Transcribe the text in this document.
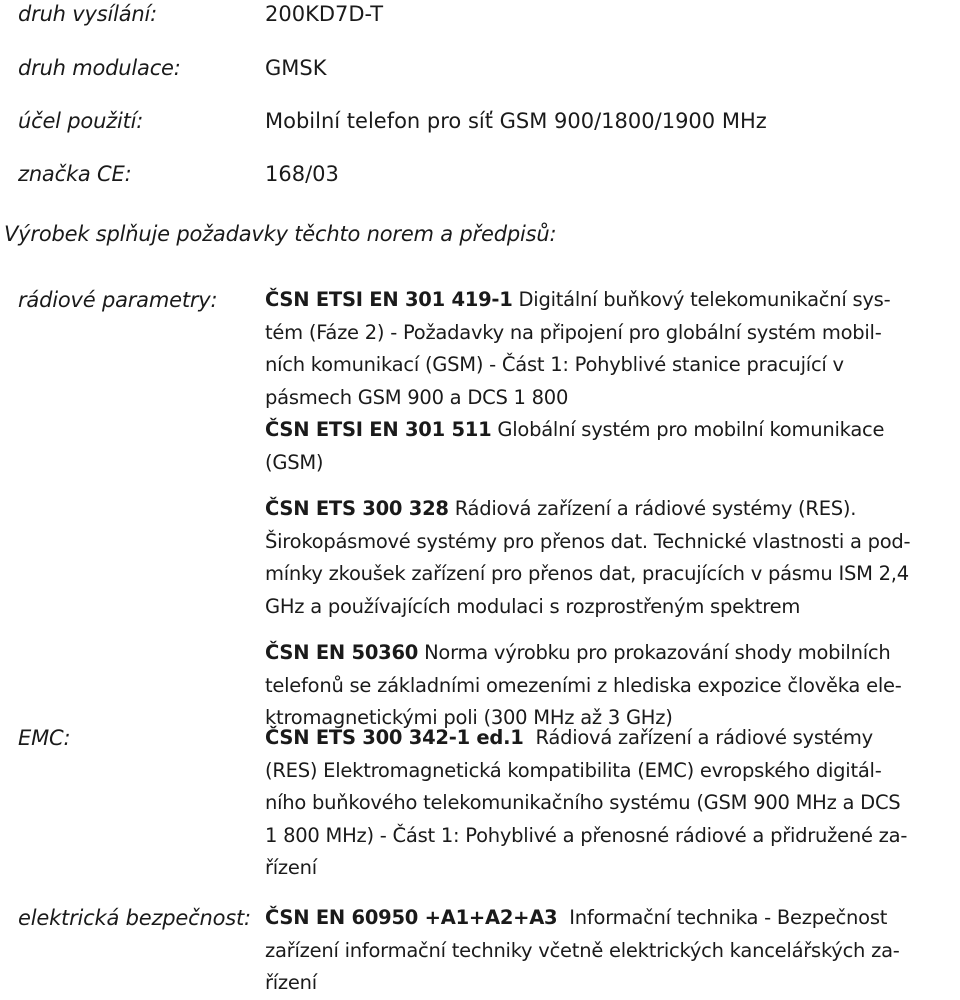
druh vysílání:	200KD7D-T
druh modulace:	GMSK
účel použití:	Mobilní telefon pro síť GSM 900/1800/1900 MHz
značka CE:	168/03
Výrobek splňuje požadavky těchto norem a předpisů:
rádiové parametry: ČSN ETSI EN 301 419-1 Digitální buňkový telekomunikační sys-
tém (Fáze 2) - Požadavky na připojení pro globální systém mobil-
ních komunikací (GSM) - Část 1: Pohyblivé stanice pracující v
pásmech GSM 900 a DCS 1 800
ČSN ETSI EN 301 511 Globální systém pro mobilní komunikace
(GSM)
ČSN ETS 300 328 Rádiová zařízení a rádiové systémy (RES).
Širokopásmové systémy pro přenos dat. Technické vlastnosti a pod-
mínky zkoušek zařízení pro přenos dat, pracujících v pásmu ISM 2,4
GHz a používajících modulaci s rozprostřeným spektrem
ČSN EN 50360 Norma výrobku pro prokazování shody mobilních
telefonů se základními omezeními z hlediska expozice člověka ele-
ktromagnetickými poli (300 MHz až 3 GHz)
EMC:	ČSN ETS 300 342-1 ed.1 Rádiová zařízení a rádiové systémy
(RES) Elektromagnetická kompatibilita (EMC) evropského digitál-
ního buňkového telekomunikačního systému (GSM 900 MHz a DCS
1 800 MHz) - Část 1: Pohyblivé a přenosné rádiové a přidružené za-
řízení
elektrická bezpečnost: ČSN EN 60950 +A1+A2+A3 Informační technika - Bezpečnost
zařízení informační techniky včetně elektrických kancelářských za-
řízení
